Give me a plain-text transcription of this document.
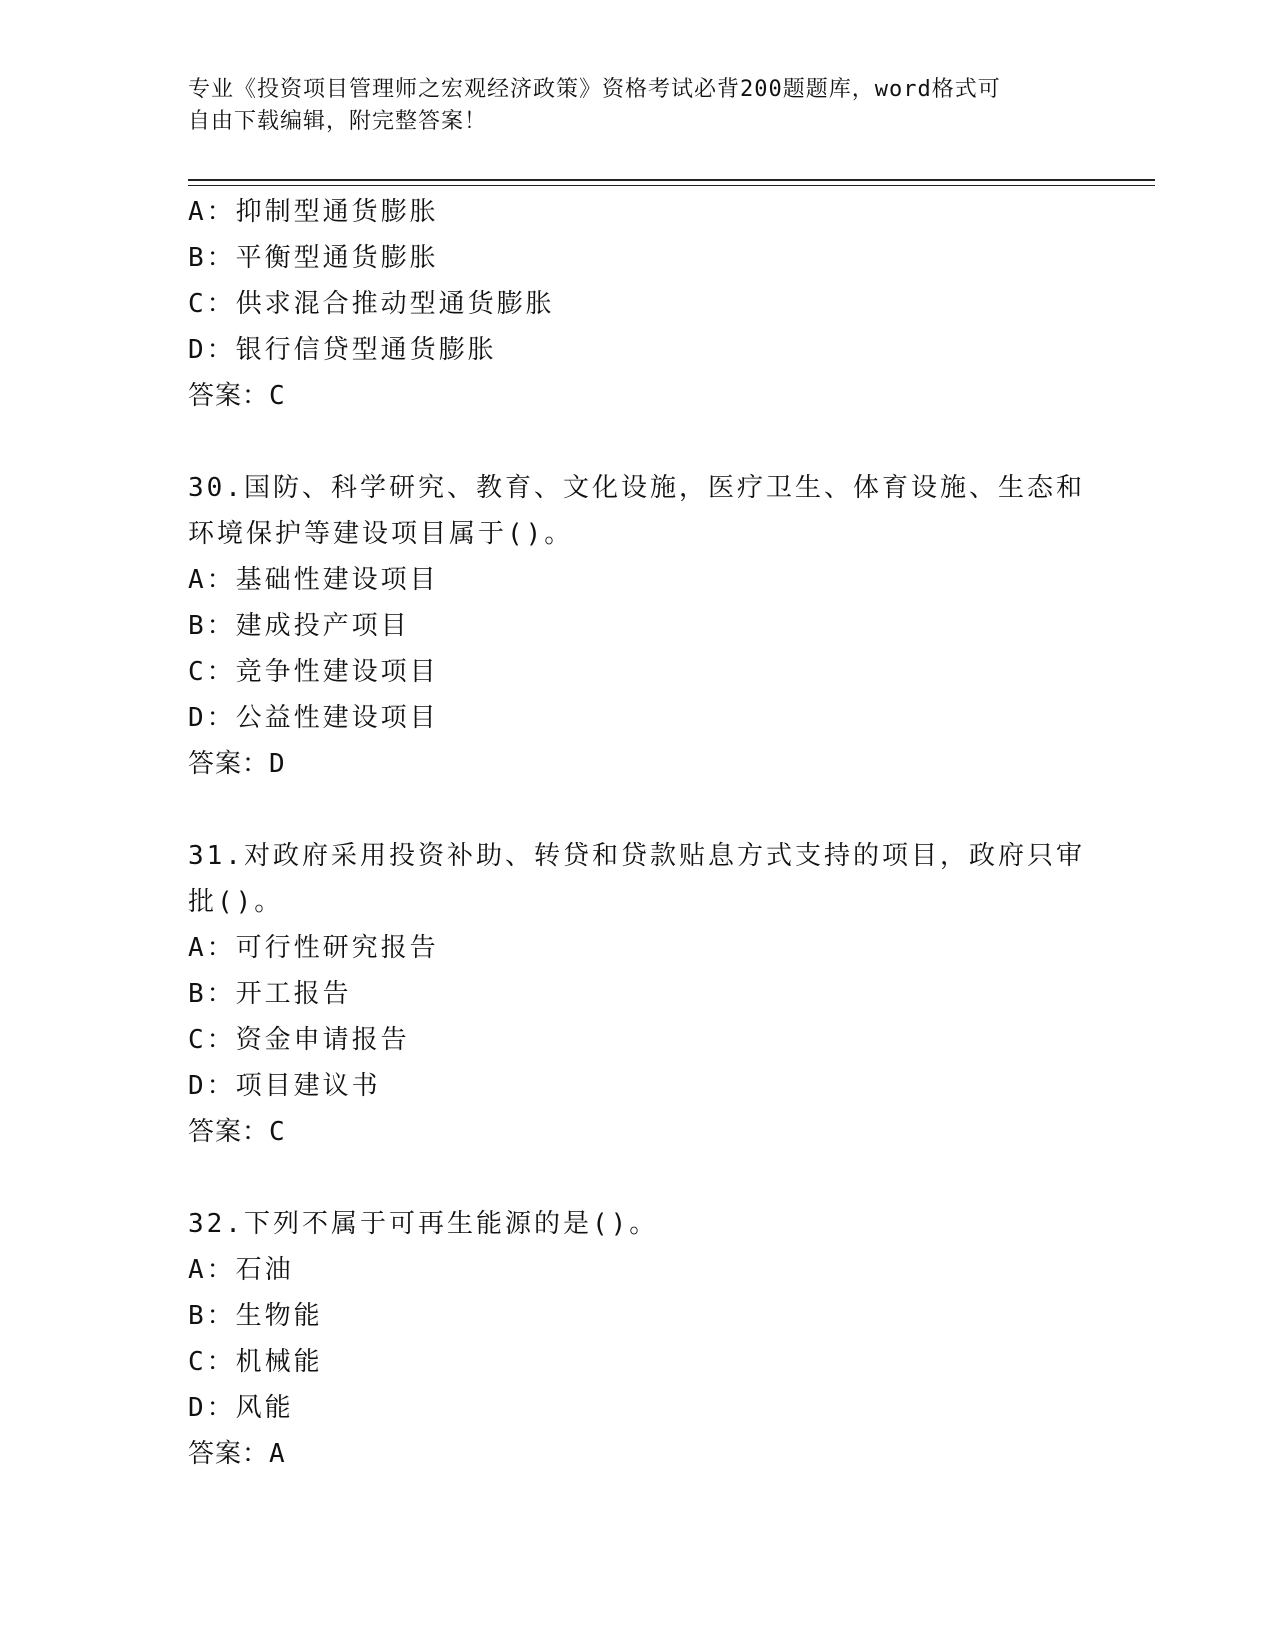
专业《投资项目管理师之宏观经济政策》资格考试必背200题题库，word格式可
自由下载编辑，附完整答案！
A：抑制型通货膨胀
B：平衡型通货膨胀
C：供求混合推动型通货膨胀
D：银行信贷型通货膨胀
答案：C
30.国防、科学研究、教育、文化设施，医疗卫生、体育设施、生态和
环境保护等建设项目属于()。
A：基础性建设项目
B：建成投产项目
C：竞争性建设项目
D：公益性建设项目
答案：D
31.对政府采用投资补助、转贷和贷款贴息方式支持的项目，政府只审
批()。
A：可行性研究报告
B：开工报告
C：资金申请报告
D：项目建议书
答案：C
32.下列不属于可再生能源的是()。
A：石油
B：生物能
C：机械能
D：风能
答案：A
